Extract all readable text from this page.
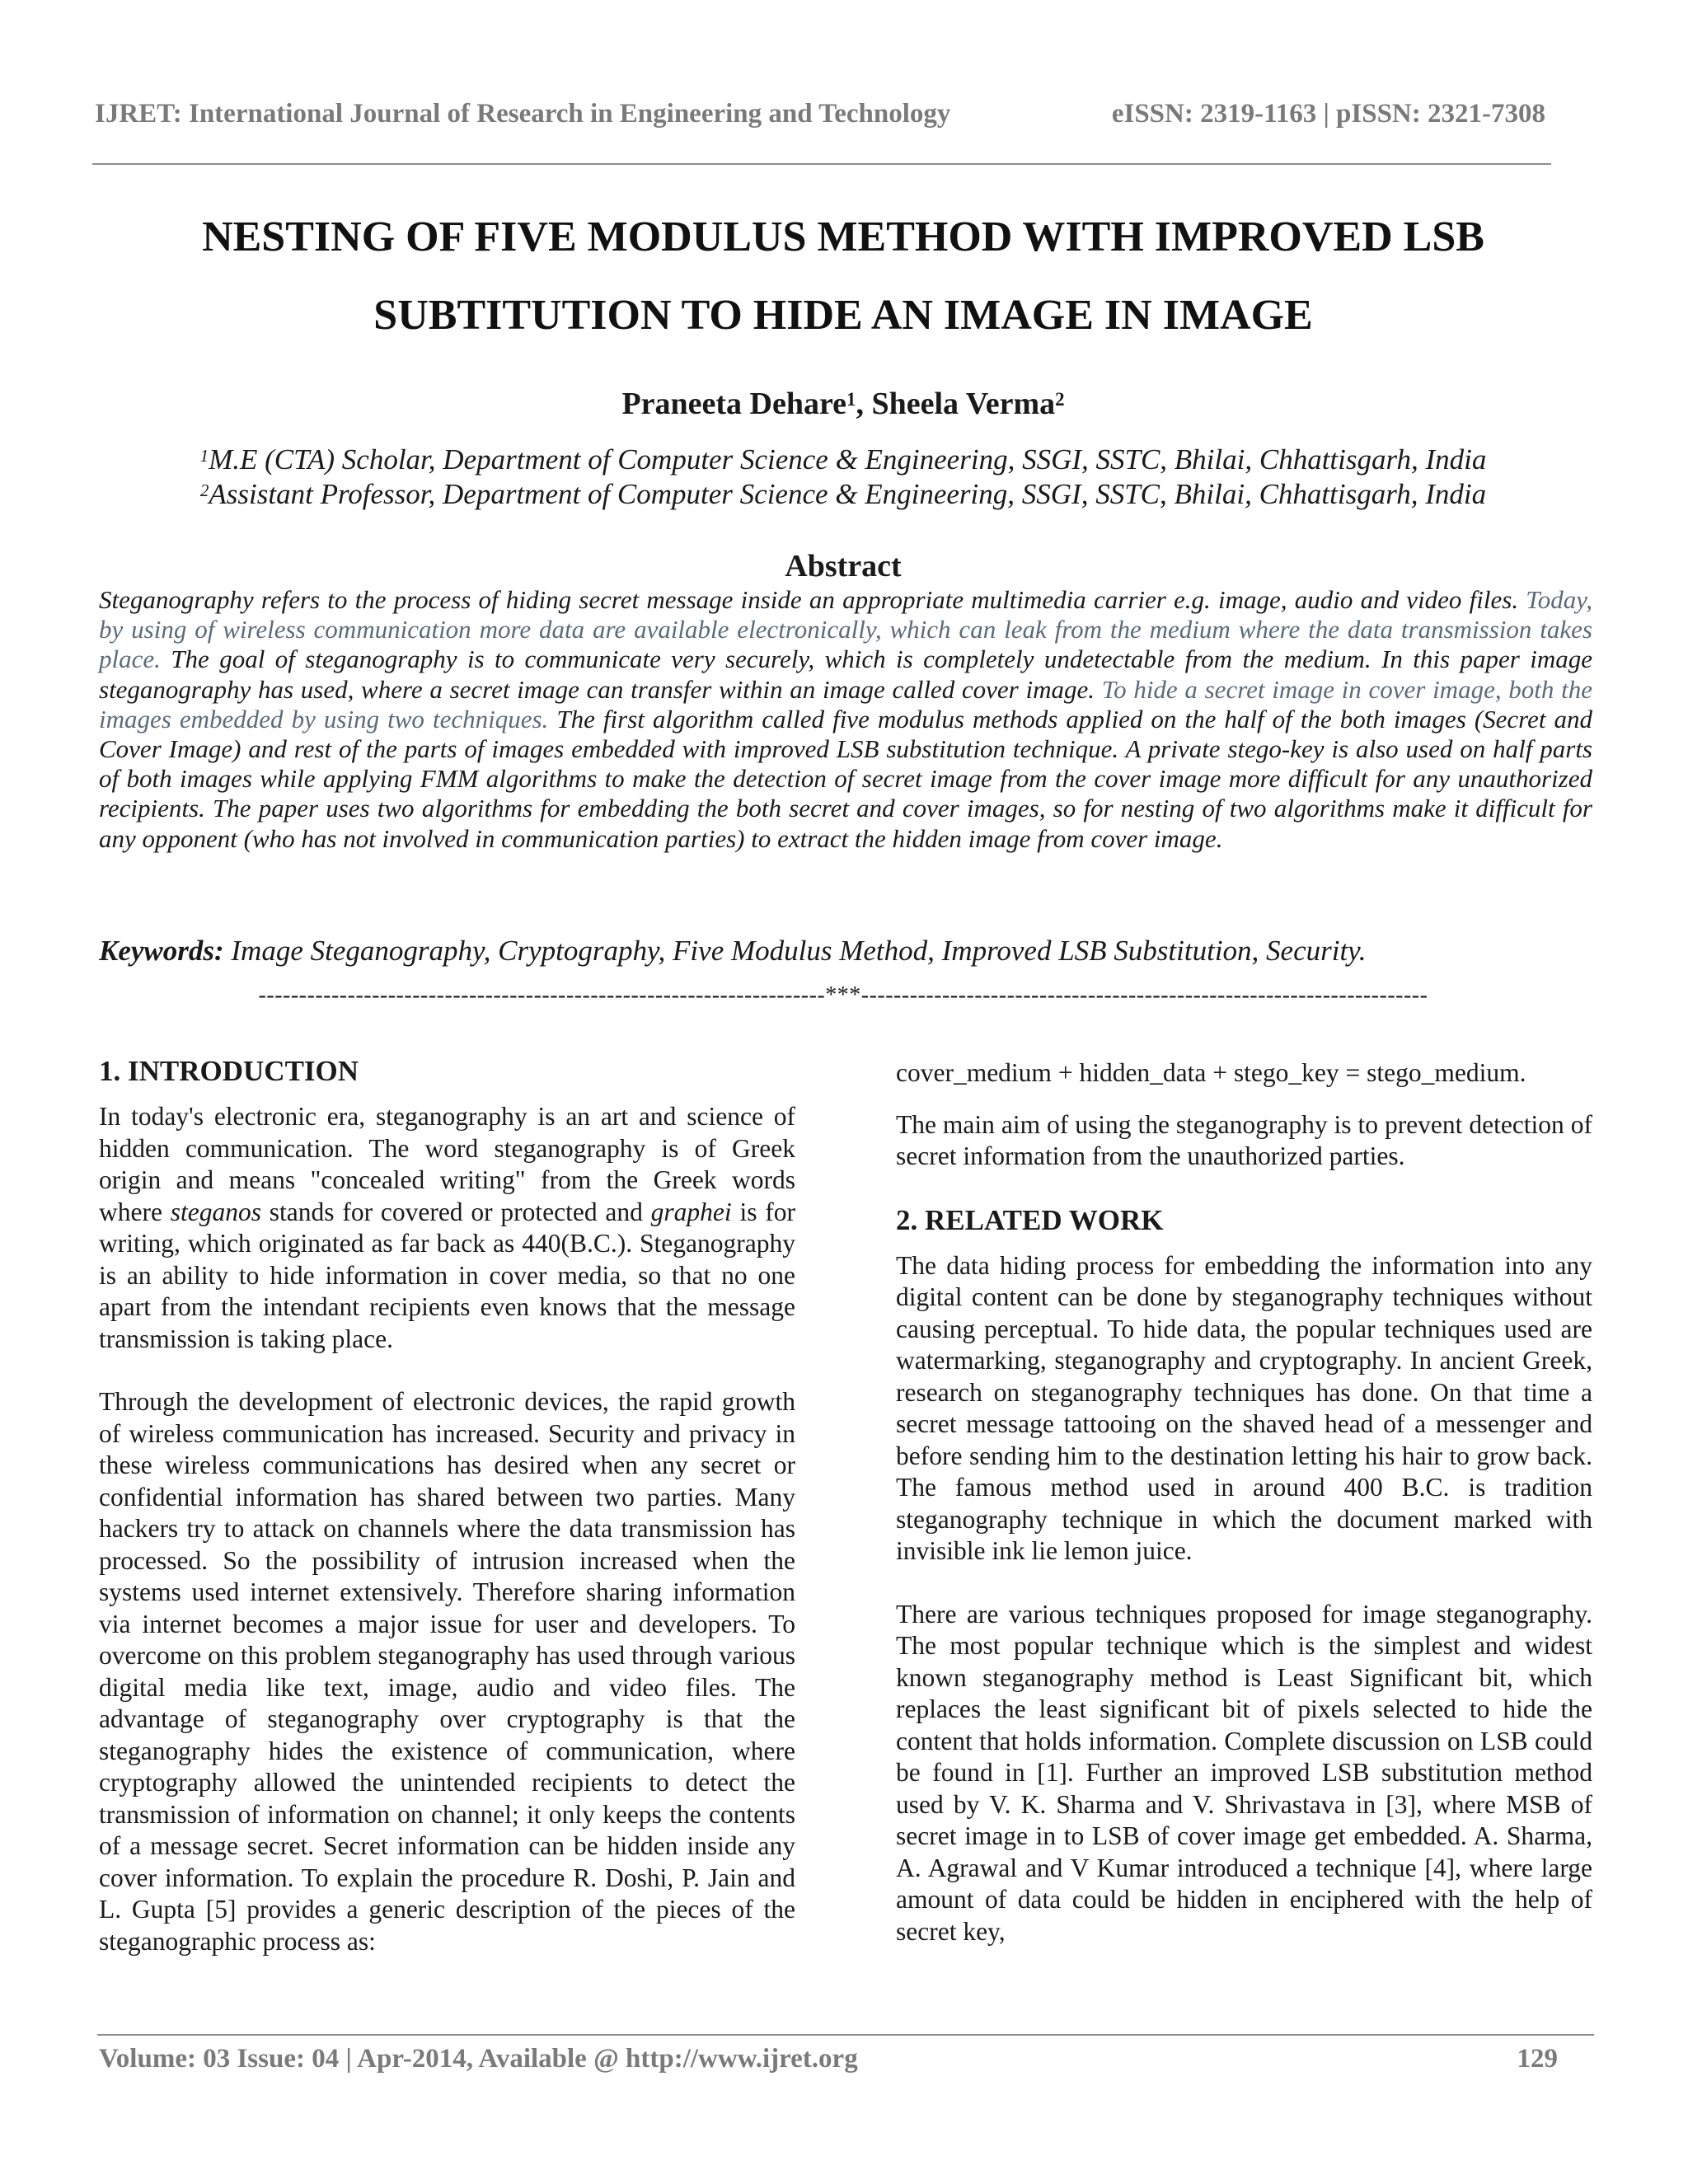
IJRET: International Journal of Research in Engineering and Technology	eISSN: 2319-1163 | pISSN: 2321-7308
NESTING OF FIVE MODULUS METHOD WITH IMPROVED LSB
SUBTITUTION TO HIDE AN IMAGE IN IMAGE
Praneeta Dehare$^1$, Sheela Verma$^2$
$^1$M.E (CTA) Scholar, Department of Computer Science & Engineering, SSGI, SSTC, Bhilai, Chhattisgarh, India
$^2$Assistant Professor, Department of Computer Science & Engineering, SSGI, SSTC, Bhilai, Chhattisgarh, India
Abstract

Steganography refers to the process of hiding secret message inside an appropriate multimedia carrier e.g. image, audio and video files. Today, by using of wireless communication more data are available electronically, which can leak from the medium where the data transmission takes place. The goal of steganography is to communicate very securely, which is completely undetectable from the medium. In this paper image steganography has used, where a secret image can transfer within an image called cover image. To hide a secret image in cover image, both the images embedded by using two techniques. The first algorithm called five modulus methods applied on the half of the both images (Secret and Cover Image) and rest of the parts of images embedded with improved LSB substitution technique. A private stego-key is also used on half parts of both images while applying FMM algorithms to make the detection of secret image from the cover image more difficult for any unauthorized recipients. The paper uses two algorithms for embedding the both secret and cover images, so for nesting of two algorithms make it difficult for any opponent (who has not involved in communication parties) to extract the hidden image from cover image.

Keywords: Image Steganography, Cryptography, Five Modulus Method, Improved LSB Substitution, Security.

----------------------------------------------------------------------***----------------------------------------------------------------------
1. INTRODUCTION

In today's electronic era, steganography is an art and science of hidden communication. The word steganography is of Greek origin and means "concealed writing" from the Greek words where steganos stands for covered or protected and graphei is for writing, which originated as far back as 440(B.C.). Steganography is an ability to hide information in cover media, so that no one apart from the intendant recipients even knows that the message transmission is taking place.

Through the development of electronic devices, the rapid growth of wireless communication has increased. Security and privacy in these wireless communications has desired when any secret or confidential information has shared between two parties. Many hackers try to attack on channels where the data transmission has processed. So the possibility of intrusion increased when the systems used internet extensively. Therefore sharing information via internet becomes a major issue for user and developers. To overcome on this problem steganography has used through various digital media like text, image, audio and video files. The advantage of steganography over cryptography is that the steganography hides the existence of communication, where cryptography allowed the unintended recipients to detect the transmission of information on channel; it only keeps the contents of a message secret. Secret information can be hidden inside any cover information. To explain the procedure R. Doshi, P. Jain and L. Gupta [5] provides a generic description of the pieces of the steganographic process as:

cover_medium + hidden_data + stego_key = stego_medium.

The main aim of using the steganography is to prevent detection of secret information from the unauthorized parties.

2. RELATED WORK

The data hiding process for embedding the information into any digital content can be done by steganography techniques without causing perceptual. To hide data, the popular techniques used are watermarking, steganography and cryptography. In ancient Greek, research on steganography techniques has done. On that time a secret message tattooing on the shaved head of a messenger and before sending him to the destination letting his hair to grow back. The famous method used in around 400 B.C. is tradition steganography technique in which the document marked with invisible ink lie lemon juice.

There are various techniques proposed for image steganography. The most popular technique which is the simplest and widest known steganography method is Least Significant bit, which replaces the least significant bit of pixels selected to hide the content that holds information. Complete discussion on LSB could be found in [1]. Further an improved LSB substitution method used by V. K. Sharma and V. Shrivastava in [3], where MSB of secret image in to LSB of cover image get embedded. A. Sharma, A. Agrawal and V Kumar introduced a technique [4], where large amount of data could be hidden in enciphered with the help of secret key,

Volume: 03 Issue: 04 | Apr-2014, Available @ http://www.ijret.org	129
